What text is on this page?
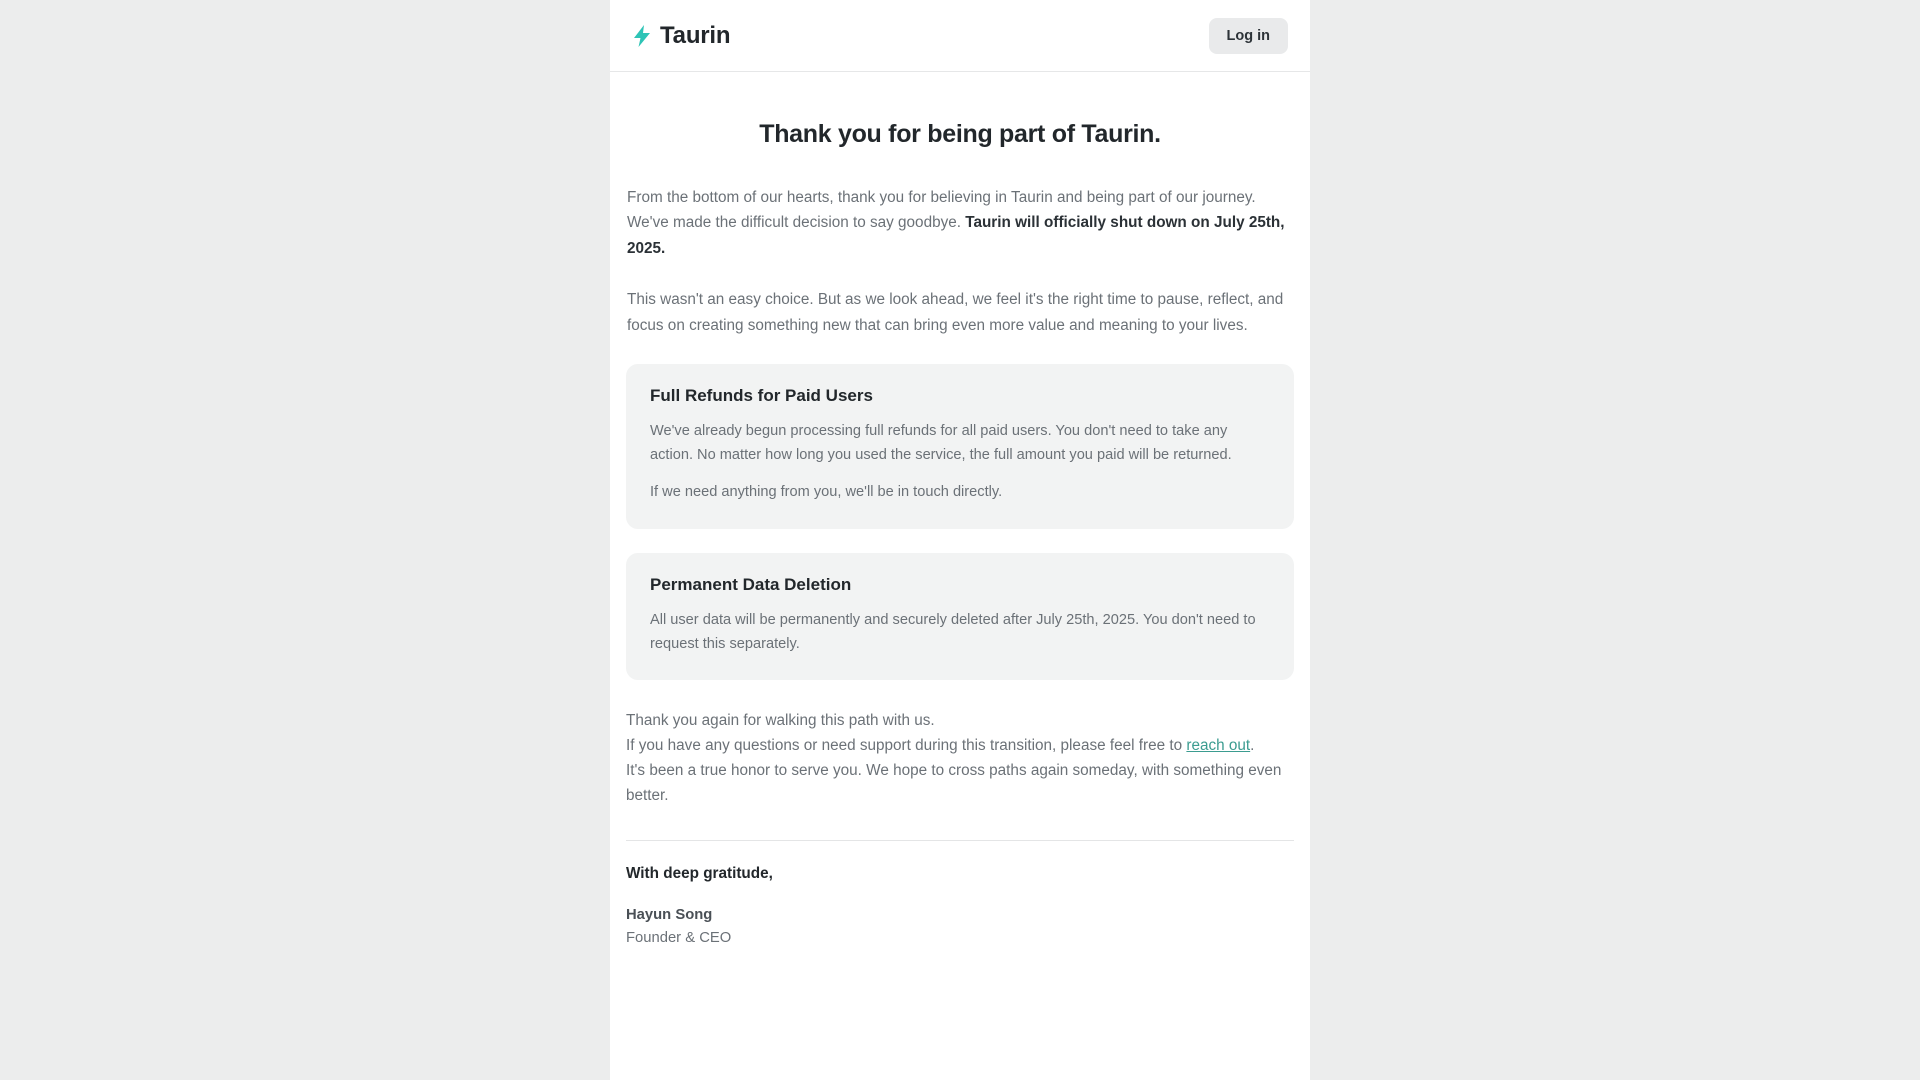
Taurin	Log in
Thank you for being part of Taurin.

From the bottom of our hearts, thank you for believing in Taurin and being part of our journey. We've made the difficult decision to say goodbye. Taurin will officially shut down on July 25th, 2025.

This wasn't an easy choice. But as we look ahead, we feel it's the right time to pause, reflect, and focus on creating something new that can bring even more value and meaning to your lives.

Full Refunds for Paid Users

We've already begun processing full refunds for all paid users. You don't need to take any action. No matter how long you used the service, the full amount you paid will be returned.

If we need anything from you, we'll be in touch directly.

Permanent Data Deletion

All user data will be permanently and securely deleted after July 25th, 2025. You don't need to request this separately.

Thank you again for walking this path with us.
If you have any questions or need support during this transition, please feel free to reach out.
It's been a true honor to serve you. We hope to cross paths again someday, with something even better.

With deep gratitude,

Hayun Song

Founder & CEO
